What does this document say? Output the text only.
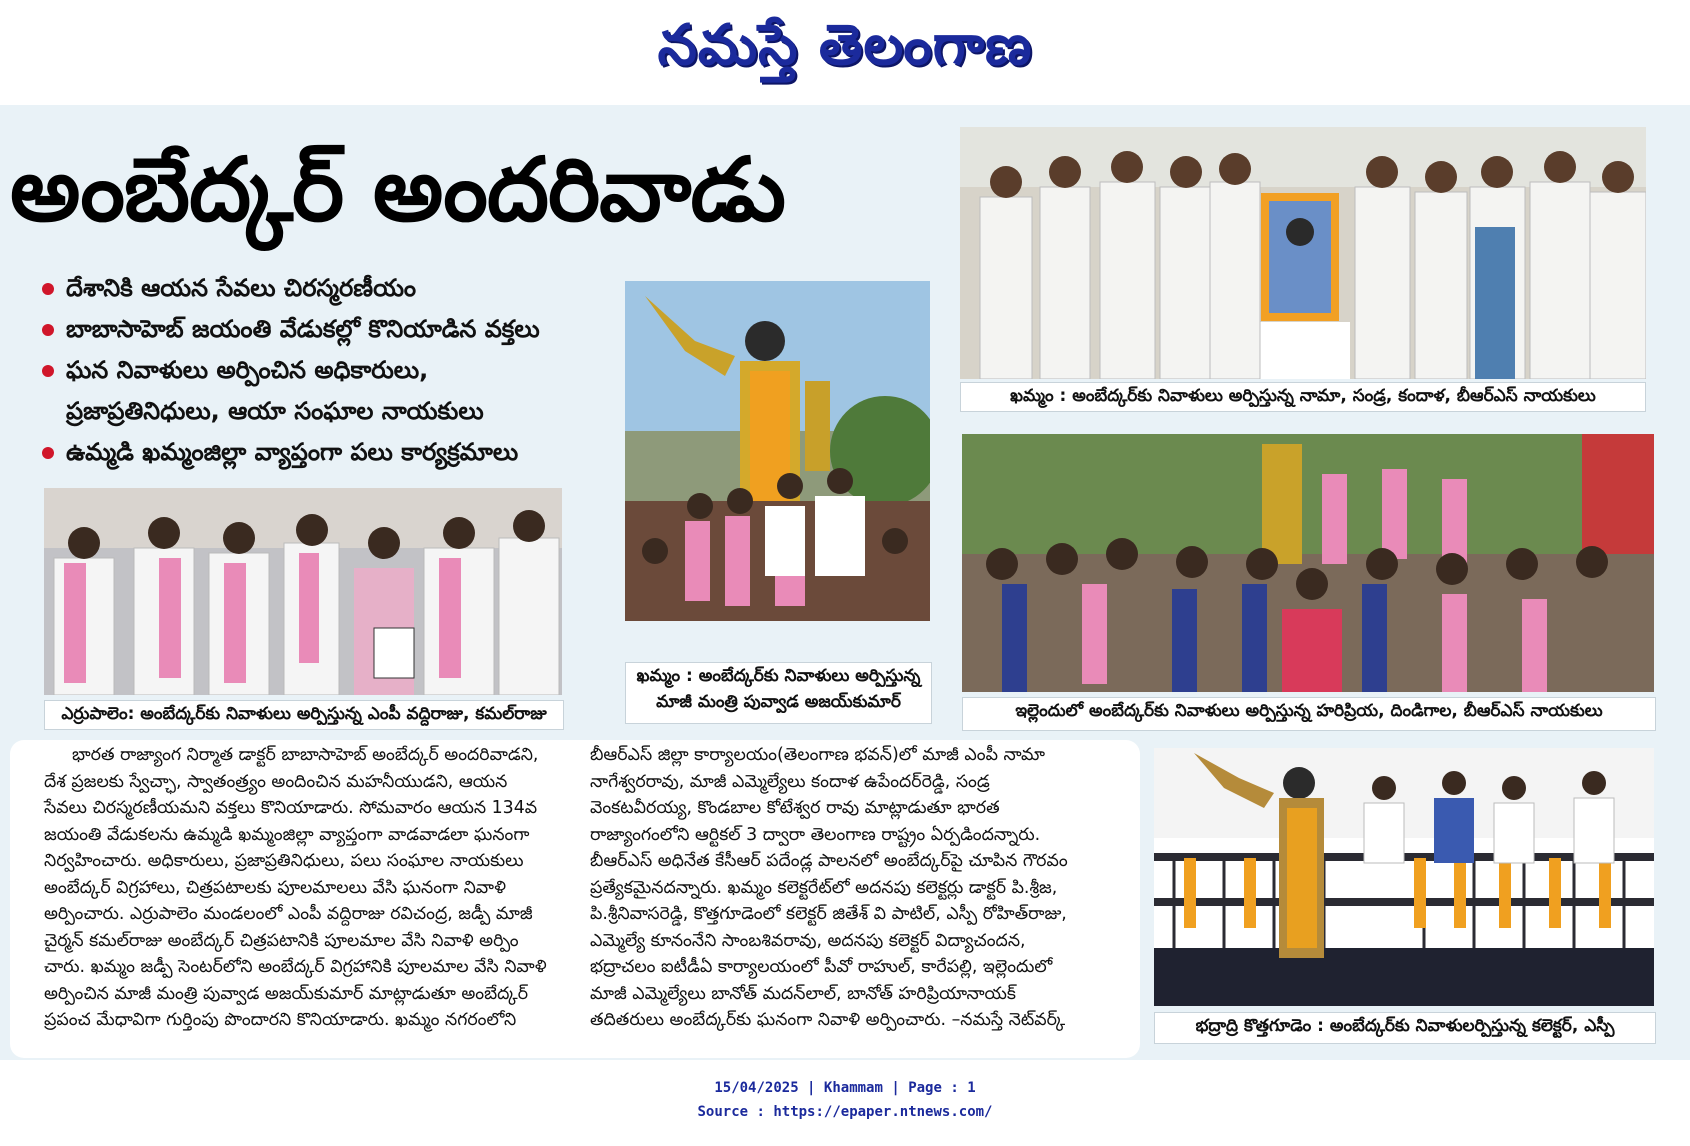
నమస్తే తెలంగాణ
అంబేద్కర్ అందరివాడు
దేశానికి ఆయన సేవలు చిరస్మరణీయం
బాబాసాహెబ్ జయంతి వేడుకల్లో కొనియాడిన వక్తలు
ఘన నివాళులు అర్పించిన అధికారులు,
ప్రజాప్రతినిధులు, ఆయా సంఘాల నాయకులు
ఉమ్మడి ఖమ్మంజిల్లా వ్యాప్తంగా పలు కార్యక్రమాలు
ఖమ్మం : అంబేద్కర్‌కు నివాళులు అర్పిస్తున్న నామా, సండ్ర, కందాళ, బీఆర్‌ఎస్ నాయకులు
ఖమ్మం : అంబేద్కర్‌కు నివాళులు అర్పిస్తున్న
మాజీ మంత్రి పువ్వాడ అజయ్‌కుమార్
ఎర్రుపాలెం: అంబేద్కర్‌కు నివాళులు అర్పిస్తున్న ఎంపీ వద్దిరాజు, కమల్‌రాజు	ఇల్లెందులో అంబేద్కర్‌కు నివాళులు అర్పిస్తున్న హరిప్రియ, దిండిగాల, బీఆర్‌ఎస్ నాయకులు

భారత రాజ్యాంగ నిర్మాత డాక్టర్ బాబాసాహెబ్ అంబేద్కర్ అందరివాడని,

దేశ ప్రజలకు స్వేచ్ఛా, స్వాతంత్ర్యం అందించిన మహనీయుడని, ఆయన

సేవలు చిరస్మరణీయమని వక్తలు కొనియాడారు. సోమవారం ఆయన 134వ

జయంతి వేడుకలను ఉమ్మడి ఖమ్మంజిల్లా వ్యాప్తంగా వాడవాడలా ఘనంగా

నిర్వహించారు. అధికారులు, ప్రజాప్రతినిధులు, పలు సంఘాల నాయకులు

అంబేద్కర్ విగ్రహాలు, చిత్రపటాలకు పూలమాలలు వేసి ఘనంగా నివాళి

అర్పించారు. ఎర్రుపాలెం మండలంలో ఎంపీ వద్దిరాజు రవిచంద్ర, జడ్పీ మాజీ

చైర్మన్ కమల్‌రాజు అంబేద్కర్ చిత్రపటానికి పూలమాల వేసి నివాళి అర్పిం

చారు. ఖమ్మం జడ్పీ సెంటర్‌లోని అంబేద్కర్ విగ్రహానికి పూలమాల వేసి నివాళి

అర్పించిన మాజీ మంత్రి పువ్వాడ అజయ్‌కుమార్ మాట్లాడుతూ అంబేద్కర్

ప్రపంచ మేధావిగా గుర్తింపు పొందారని కొనియాడారు. ఖమ్మం నగరంలోని

బీఆర్‌ఎస్ జిల్లా కార్యాలయం(తెలంగాణ భవన్)లో మాజీ ఎంపీ నామా

నాగేశ్వరరావు, మాజీ ఎమ్మెల్యేలు కందాళ ఉపేందర్‌రెడ్డి, సండ్ర

వెంకటవీరయ్య, కొండబాల కోటేశ్వర రావు మాట్లాడుతూ భారత

రాజ్యాంగంలోని ఆర్టికల్ 3 ద్వారా తెలంగాణ రాష్ట్రం ఏర్పడిందన్నారు.

బీఆర్‌ఎస్ అధినేత కేసీఆర్ పదేండ్ల పాలనలో అంబేద్కర్‌పై చూపిన గౌరవం

ప్రత్యేకమైనదన్నారు. ఖమ్మం కలెక్టరేట్‌లో అదనపు కలెక్టర్లు డాక్టర్ పి.శ్రీజ,

పి.శ్రీనివాసరెడ్డి, కొత్తగూడెంలో కలెక్టర్ జితేశ్ వి పాటిల్, ఎస్పీ రోహిత్‌రాజు,

ఎమ్మెల్యే కూనంనేని సాంబశివరావు, అదనపు కలెక్టర్ విద్యాచందన,

భద్రాచలం ఐటీడీఏ కార్యాలయంలో పీవో రాహుల్, కారేపల్లి, ఇల్లెందులో

మాజీ ఎమ్మెల్యేలు బానోత్ మదన్‌లాల్, బానోత్ హరిప్రియానాయక్

తదితరులు అంబేద్కర్‌కు ఘనంగా నివాళి అర్పించారు. –నమస్తే నెట్‌వర్క్	భద్రాద్రి కొత్తగూడెం : అంబేద్కర్‌కు నివాళులర్పిస్తున్న కలెక్టర్, ఎస్పీ
15/04/2025 | Khammam | Page : 1
Source : https://epaper.ntnews.com/
